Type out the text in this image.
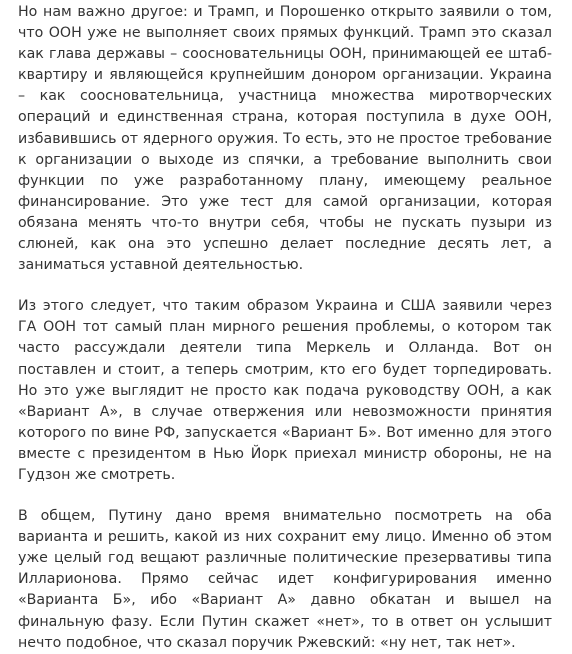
Но нам важно другое: и Трамп, и Порошенко открыто заявили о том, что ООН уже не выполняет своих прямых функций. Трамп это сказал как глава державы – соосновательницы ООН, принимающей ее штаб-квартиру и являющейся крупнейшим донором организации. Украина – как соосновательница, участница множества миротворческих операций и единственная страна, которая поступила в духе ООН, избавившись от ядерного оружия. То есть, это не простое требование к организации о выходе из спячки, а требование выполнить свои функции по уже разработанному плану, имеющему реальное финансирование. Это уже тест для самой организации, которая обязана менять что-то внутри себя, чтобы не пускать пузыри из слюней, как она это успешно делает последние десять лет, а заниматься уставной деятельностью.

Из этого следует, что таким образом Украина и США заявили через ГА ООН тот самый план мирного решения проблемы, о котором так часто рассуждали деятели типа Меркель и Олланда. Вот он поставлен и стоит, а теперь смотрим, кто его будет торпедировать. Но это уже выглядит не просто как подача руководству ООН, а как «Вариант А», в случае отвержения или невозможности принятия которого по вине РФ, запускается «Вариант Б». Вот именно для этого вместе с президентом в Нью Йорк приехал министр обороны, не на Гудзон же смотреть.

В общем, Путину дано время внимательно посмотреть на оба варианта и решить, какой из них сохранит ему лицо. Именно об этом уже целый год вещают различные политические презервативы типа Илларионова. Прямо сейчас идет конфигурирования именно «Варианта Б», ибо «Вариант А» давно обкатан и вышел на финальную фазу. Если Путин скажет «нет», то в ответ он услышит нечто подобное, что сказал поручик Ржевский: «ну нет, так нет».
